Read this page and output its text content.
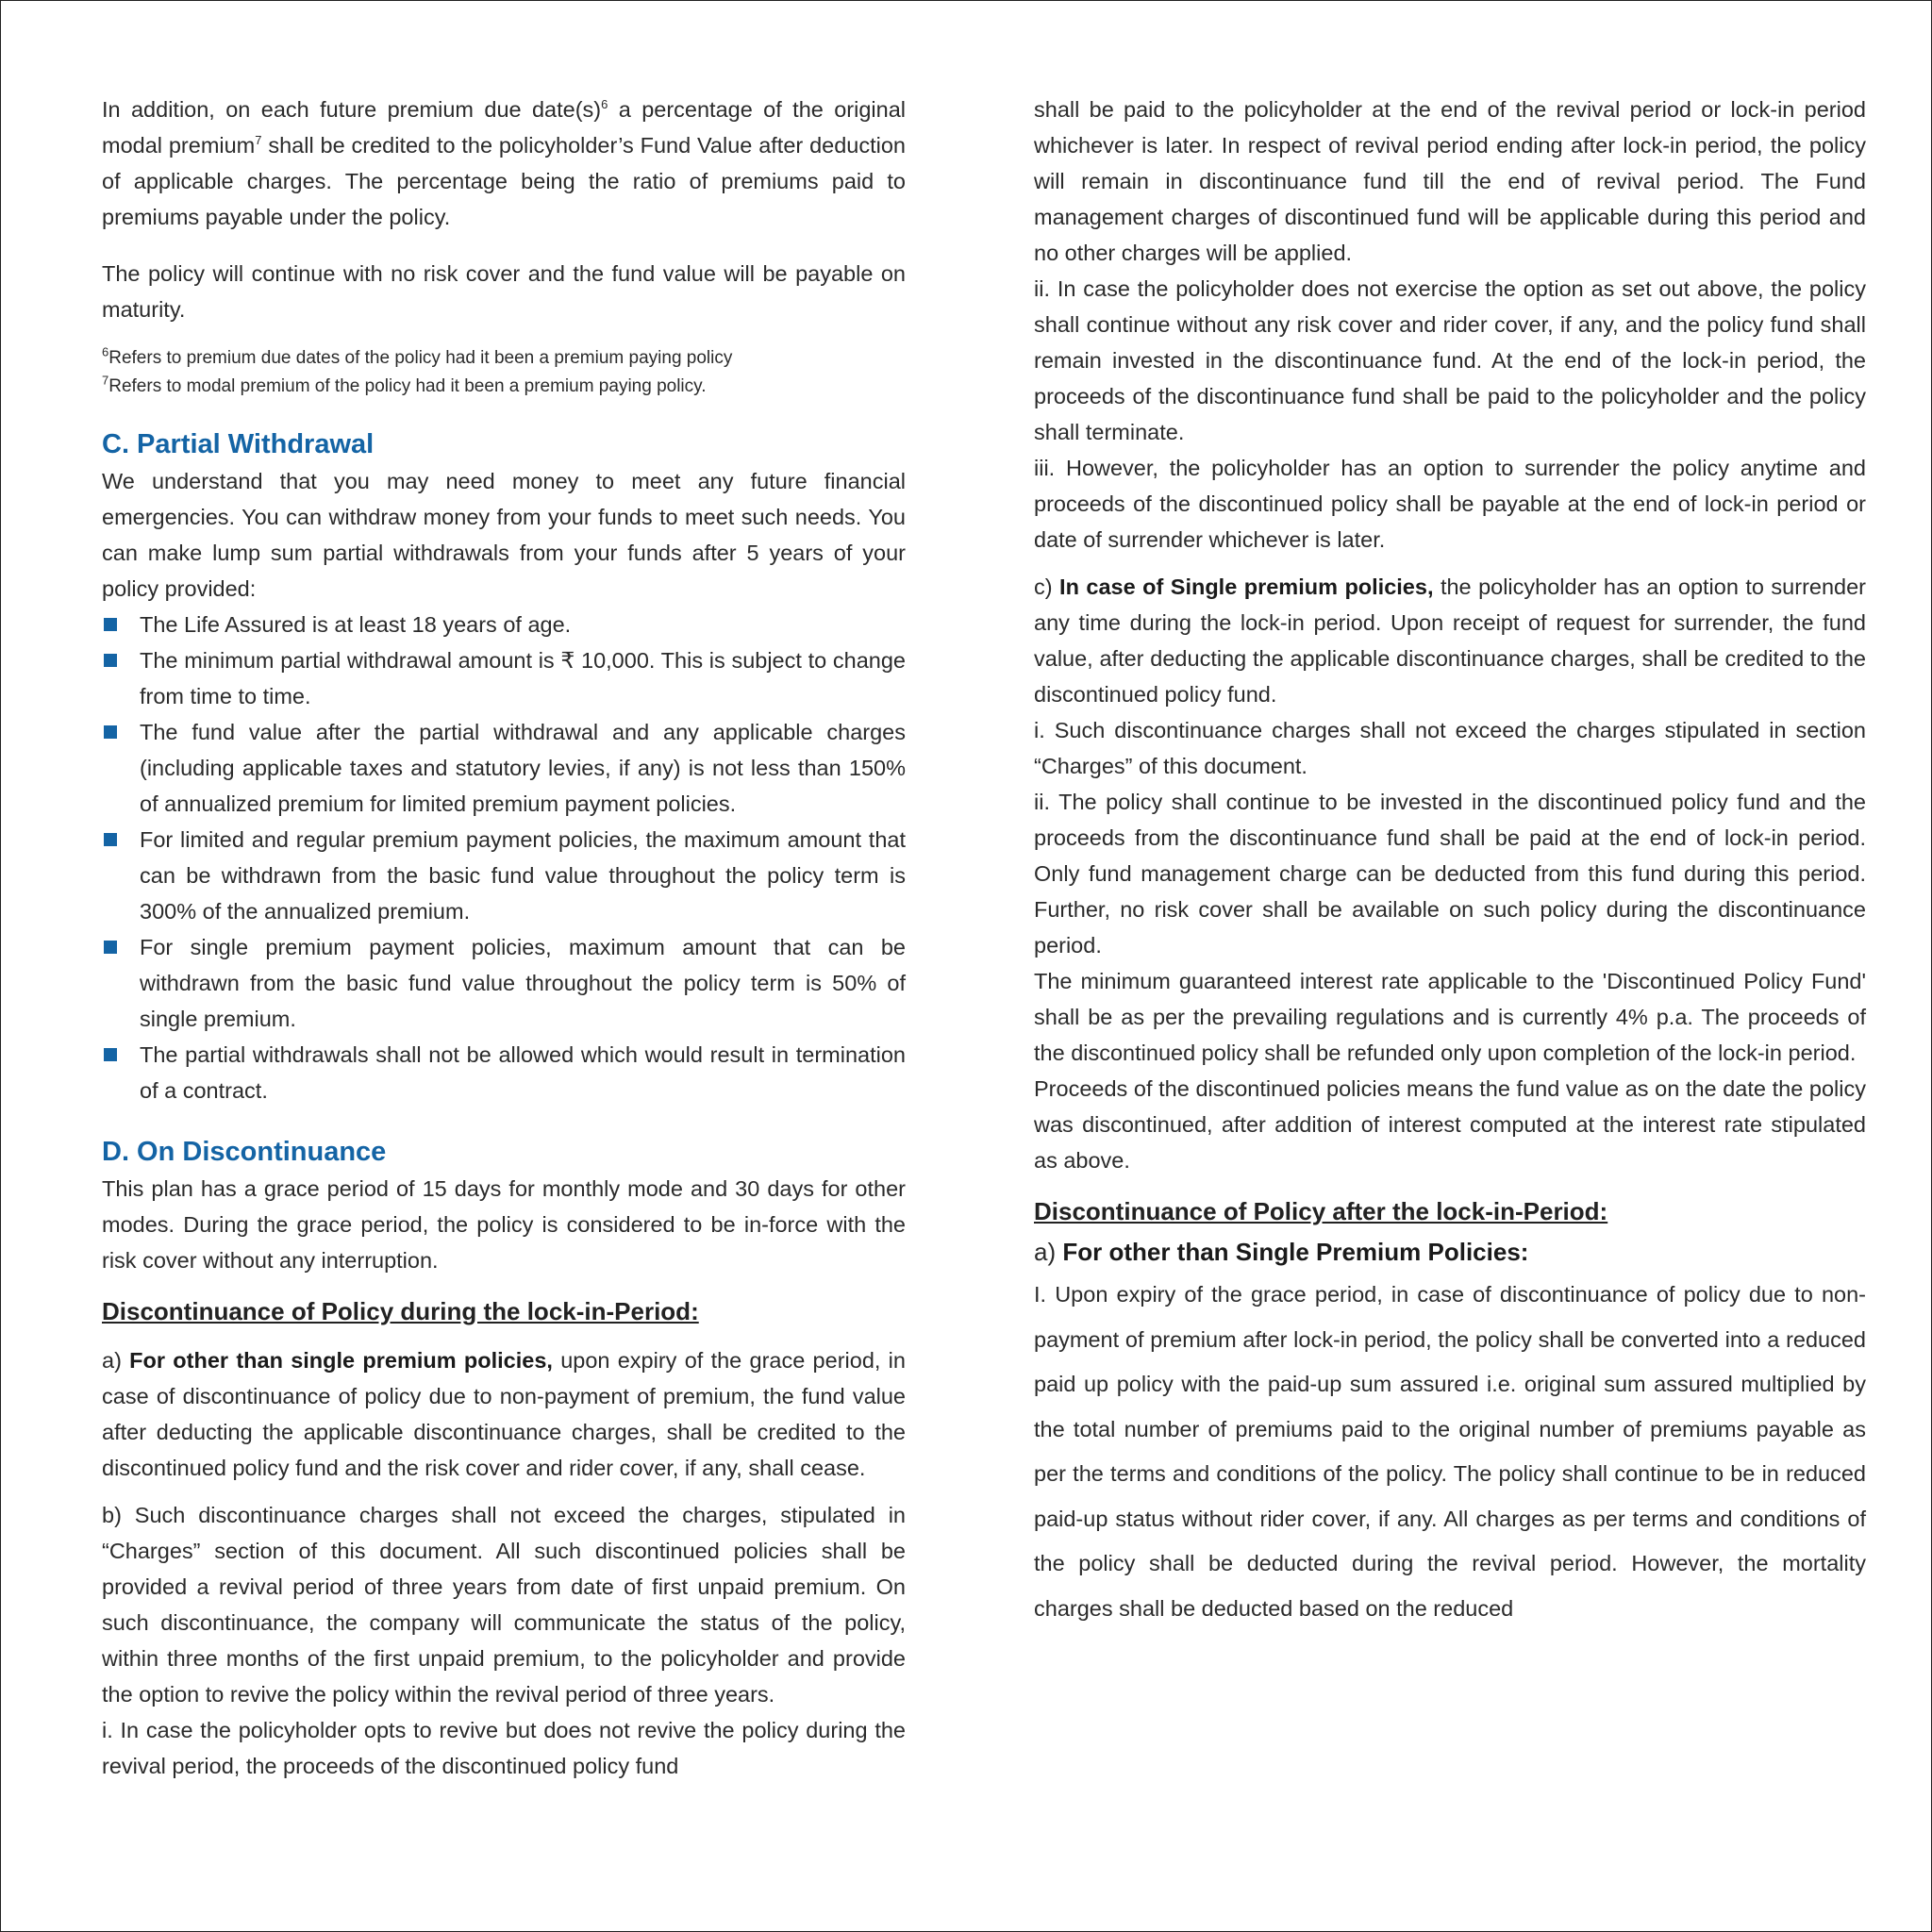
In addition, on each future premium due $date(s)^6$ a percentage of the original modal premium$^7$ shall be credited to the policyholder’s Fund Value after deduction of applicable charges. The percentage being the ratio of premiums paid to premiums payable under the policy.

The policy will continue with no risk cover and the fund value will be payable on maturity.

$^6$Refers to premium due dates of the policy had it been a premium paying policy
$^7$Refers to modal premium of the policy had it been a premium paying policy.
C. Partial Withdrawal

We understand that you may need money to meet any future financial emergencies. You can withdraw money from your funds to meet such needs. You can make lump sum partial withdrawals from your funds after 5 years of your policy provided:

The Life Assured is at least 18 years of age.
The minimum partial withdrawal amount is ₹ 10,000. This is subject to change from time to time.
The fund value after the partial withdrawal and any applicable charges (including applicable taxes and statutory levies, if any) is not less than 150% of annualized premium for limited premium payment policies.
For limited and regular premium payment policies, the maximum amount that can be withdrawn from the basic fund value throughout the policy term is 300% of the annualized premium.
For single premium payment policies, maximum amount that can be withdrawn from the basic fund value throughout the policy term is 50% of single premium.
The partial withdrawals shall not be allowed which would result in termination of a contract.
D. On Discontinuance

This plan has a grace period of 15 days for monthly mode and 30 days for other modes. During the grace period, the policy is considered to be in-force with the risk cover without any interruption.

Discontinuance of Policy during the lock-in-Period:

a) For other than single premium policies, upon expiry of the grace period, in case of discontinuance of policy due to non-payment of premium, the fund value after deducting the applicable discontinuance charges, shall be credited to the discontinued policy fund and the risk cover and rider cover, if any, shall cease.

b) Such discontinuance charges shall not exceed the charges, stipulated in “Charges” section of this document. All such discontinued policies shall be provided a revival period of three years from date of first unpaid premium. On such discontinuance, the company will communicate the status of the policy, within three months of the first unpaid premium, to the policyholder and provide the option to revive the policy within the revival period of three years.

i. In case the policyholder opts to revive but does not revive the policy during the revival period, the proceeds of the discontinued policy fund

shall be paid to the policyholder at the end of the revival period or lock-in period whichever is later. In respect of revival period ending after lock-in period, the policy will remain in discontinuance fund till the end of revival period. The Fund management charges of discontinued fund will be applicable during this period and no other charges will be applied.

ii. In case the policyholder does not exercise the option as set out above, the policy shall continue without any risk cover and rider cover, if any, and the policy fund shall remain invested in the discontinuance fund. At the end of the lock-in period, the proceeds of the discontinuance fund shall be paid to the policyholder and the policy shall terminate.

iii. However, the policyholder has an option to surrender the policy anytime and proceeds of the discontinued policy shall be payable at the end of lock-in period or date of surrender whichever is later.

c) In case of Single premium policies, the policyholder has an option to surrender any time during the lock-in period. Upon receipt of request for surrender, the fund value, after deducting the applicable discontinuance charges, shall be credited to the discontinued policy fund.

i. Such discontinuance charges shall not exceed the charges stipulated in section “Charges” of this document.

ii. The policy shall continue to be invested in the discontinued policy fund and the proceeds from the discontinuance fund shall be paid at the end of lock-in period. Only fund management charge can be deducted from this fund during this period. Further, no risk cover shall be available on such policy during the discontinuance period.

The minimum guaranteed interest rate applicable to the 'Discontinued Policy Fund' shall be as per the prevailing regulations and is currently 4% p.a. The proceeds of the discontinued policy shall be refunded only upon completion of the lock-in period.

Proceeds of the discontinued policies means the fund value as on the date the policy was discontinued, after addition of interest computed at the interest rate stipulated as above.

Discontinuance of Policy after the lock-in-Period:

a) For other than Single Premium Policies:

I. Upon expiry of the grace period, in case of discontinuance of policy due to non-payment of premium after lock-in period, the policy shall be converted into a reduced paid up policy with the paid-up sum assured i.e. original sum assured multiplied by the total number of premiums paid to the original number of premiums payable as per the terms and conditions of the policy. The policy shall continue to be in reduced paid-up status without rider cover, if any. All charges as per terms and conditions of the policy shall be deducted during the revival period. However, the mortality charges shall be deducted based on the reduced
